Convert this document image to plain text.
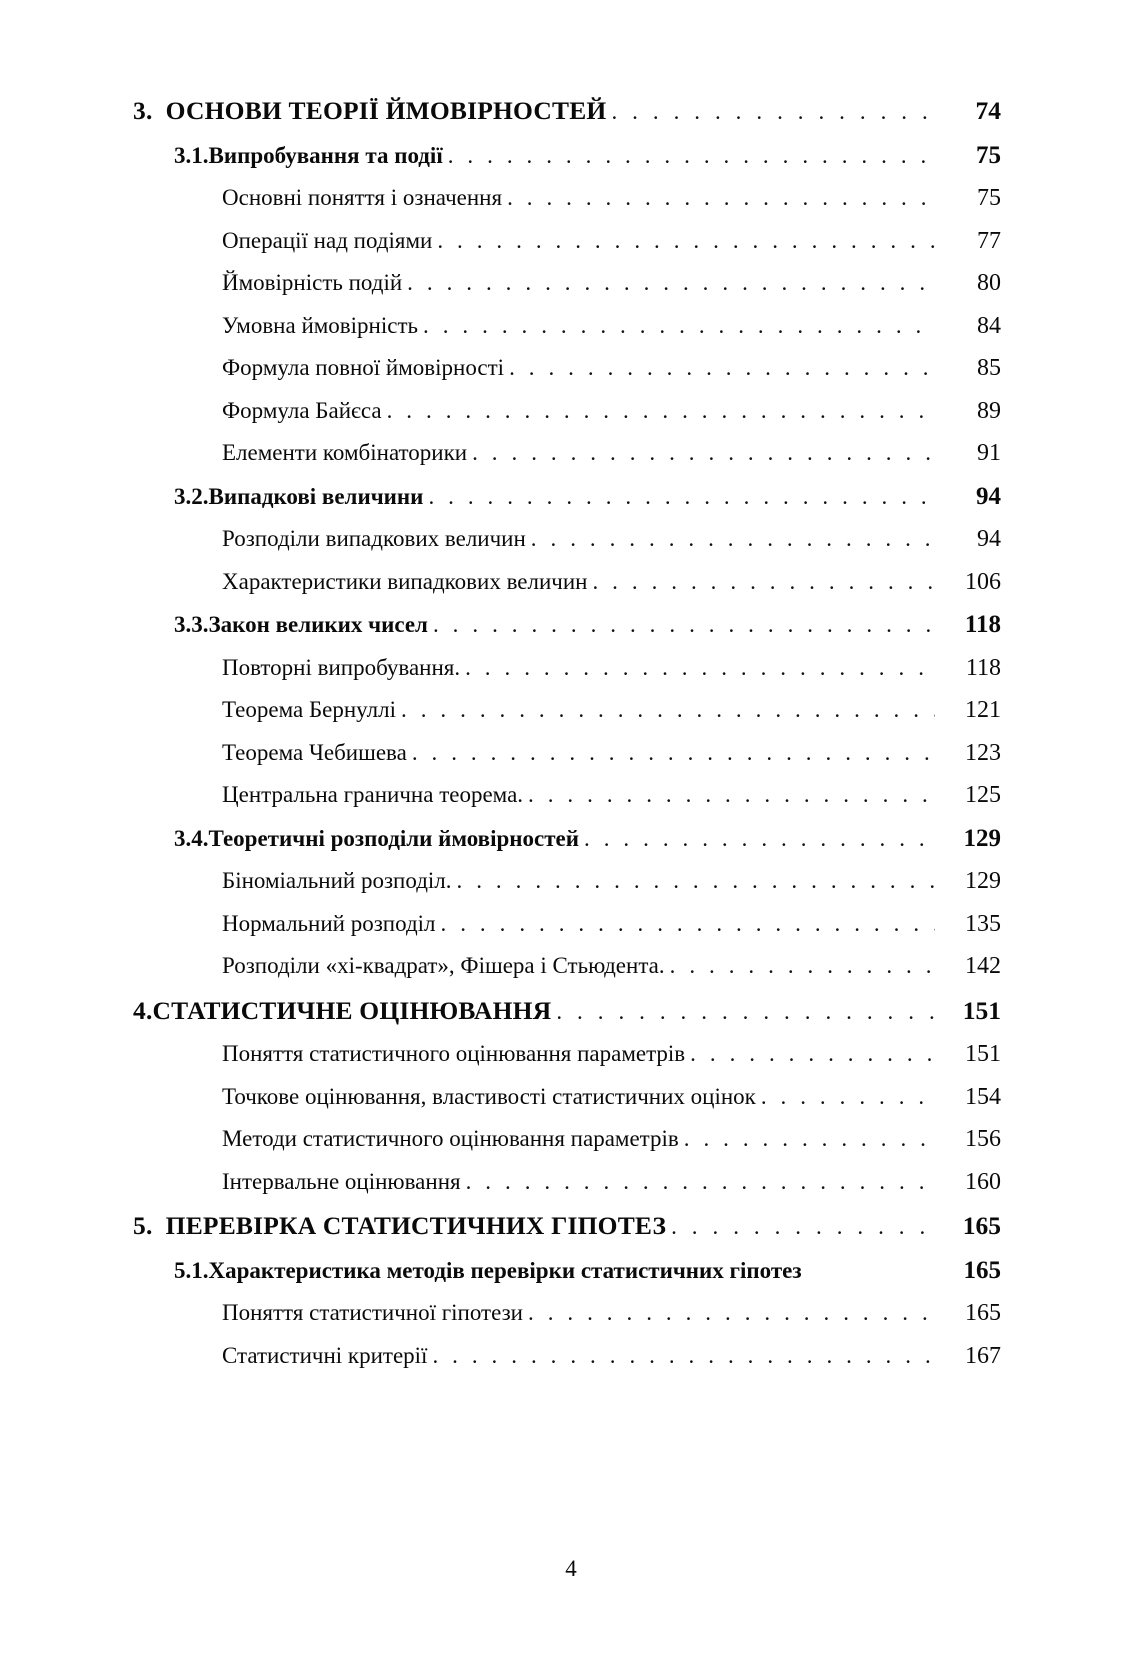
3.  ОСНОВИ ТЕОРІЇ ЙМОВІРНОСТЕЙ . . .	74
3.1.Випробування та події . . .	75
Основні поняття і означення . . .	75
Операції над подіями . . .	77
Ймовірність подій . . .	80
Умовна ймовірність . . .	84
Формула повної ймовірності . . .	85
Формула Байєса . . .	89
Елементи комбінаторики . . .	91
3.2.Випадкові величини . . .	94
Розподіли випадкових величин . . .	94
Характеристики випадкових величин . . .	106
3.3.Закон великих чисел . . .	118
Повторні випробування. . . .	118
Теорема Бернуллі . . .	121
Теорема Чебишева . . .	123
Центральна гранична теорема. . . .	125
3.4.Теоретичні розподіли ймовірностей . . .	129
Біноміальний розподіл. . . .	129
Нормальний розподіл . . .	135
Розподіли «хі-квадрат», Фішера і Стьюдента. . . .	142
4.СТАТИСТИЧНЕ ОЦІНЮВАННЯ . . .	151
Поняття статистичного оцінювання параметрів . . .	151
Точкове оцінювання, властивості статистичних оцінок . . .	154
Методи статистичного оцінювання параметрів . . .	156
Інтервальне оцінювання . . .	160
5.  ПЕРЕВІРКА СТАТИСТИЧНИХ ГІПОТЕЗ . . .	165
5.1.Характеристика методів перевірки статистичних гіпотез	165
Поняття статистичної гіпотези . . .	165
Статистичні критерії . . .	167
4
